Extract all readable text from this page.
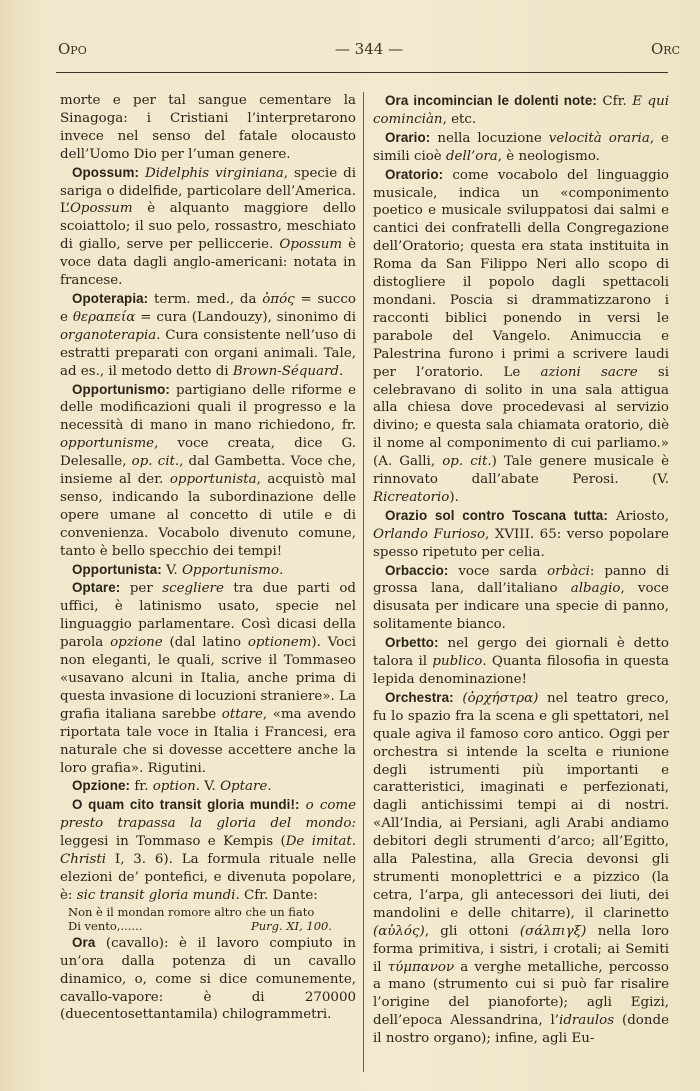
Opo	— 344 —	Orc

morte e per tal sangue cementare la Sinagoga: i Cristiani l’interpretarono invece nel senso del fatale olocausto dell’Uomo Dio per l’uman genere.

Opossum: Didelphis virginiana, specie di sariga o didelfide, particolare dell’America. L’Opossum è alquanto maggiore dello scoiattolo; il suo pelo, rossastro, meschiato di giallo, serve per pelliccerie. Opossum è voce data dagli anglo-americani: notata in francese.

Opoterapia: term. med., da ὀπός = succo e θεραπεία = cura (Landouzy), sinonimo di organoterapia. Cura consistente nell’uso di estratti preparati con organi animali. Tale, ad es., il metodo detto di Brown-Séquard.

Opportunismo: partigiano delle riforme e delle modificazioni quali il progresso e la necessità di mano in mano richiedono, fr. opportunisme, voce creata, dice G. Delesalle, op. cit., dal Gambetta. Voce che, insieme al der. opportunista, acquistò mal senso, indicando la subordinazione delle opere umane al concetto di utile e di convenienza. Vocabolo divenuto comune, tanto è bello specchio dei tempi!

Opportunista: V. Opportunismo.

Optare: per scegliere tra due parti od uffici, è latinismo usato, specie nel linguaggio parlamentare. Così dicasi della parola opzione (dal latino optionem). Voci non eleganti, le quali, scrive il Tommaseo «usavano alcuni in Italia, anche prima di questa invasione di locuzioni straniere». La grafia italiana sarebbe ottare, «ma avendo riportata tale voce in Italia i Francesi, era naturale che si dovesse accettere anche la loro grafia». Rigutini.

Opzione: fr. option. V. Optare.

O quam cito transit gloria mundi!: o come presto trapassa la gloria del mondo: leggesi in Tommaso e Kempis (De imitat. Christi I, 3. 6). La formula rituale nelle elezioni de’ pontefici, e divenuta popolare, è: sic transit gloria mundi. Cfr. Dante:

Non è il mondan romore altro che un fiato

Di vento,......	Purg. XI, 100.

Ora (cavallo): è il lavoro compiuto in un’ora dalla potenza di un cavallo dinamico, o, come si dice comunemente, cavallo-vapore: è di 270000 (duecentosettantamila) chilogrammetri.

Ora incomincian le dolenti note: Cfr. E qui cominciàn, etc.

Orario: nella locuzione velocità oraria, e simili cioè dell’ora, è neologismo.

Oratorio: come vocabolo del linguaggio musicale, indica un «componimento poetico e musicale sviluppatosi dai salmi e cantici dei confratelli della Congregazione dell’Oratorio; questa era stata instituita in Roma da San Filippo Neri allo scopo di distogliere il popolo dagli spettacoli mondani. Poscia si drammatizzarono i racconti biblici ponendo in versi le parabole del Vangelo. Animuccia e Palestrina furono i primi a scrivere laudi per l’oratorio. Le azioni sacre si celebravano di solito in una sala attigua alla chiesa dove procedevasi al servizio divino; e questa sala chiamata oratorio, diè il nome al componimento di cui parliamo.» (A. Galli, op. cit.) Tale genere musicale è rinnovato dall’abate Perosi. (V. Ricreatorio).

Orazio sol contro Toscana tutta: Ariosto, Orlando Furioso, XVIII. 65: verso popolare spesso ripetuto per celia.

Orbaccio: voce sarda orbàci: panno di grossa lana, dall’italiano albagio, voce disusata per indicare una specie di panno, solitamente bianco.

Orbetto: nel gergo dei giornali è detto talora il publico. Quanta filosofia in questa lepida denominazione!

Orchestra: (ὀρχήστρα) nel teatro greco, fu lo spazio fra la scena e gli spettatori, nel quale agiva il famoso coro antico. Oggi per orchestra si intende la scelta e riunione degli istrumenti più importanti e caratteristici, imaginati e perfezionati, dagli antichissimi tempi ai di nostri. «All’India, ai Persiani, agli Arabi andiamo debitori degli strumenti d’arco; all’Egitto, alla Palestina, alla Grecia devonsi gli strumenti monoplettrici e a pizzico (la cetra, l’arpa, gli antecessori dei liuti, dei mandolini e delle chitarre), il clarinetto (αὐλός), gli ottoni (σάλπιγξ) nella loro forma primitiva, i sistri, i crotali; ai Semiti il τύμπανον a verghe metalliche, percosso a mano (strumento cui si può far risalire l’origine del pianoforte); agli Egizi, dell’epoca Alessandrina, l’idraulos (donde il nostro organo); infine, agli Eu-
